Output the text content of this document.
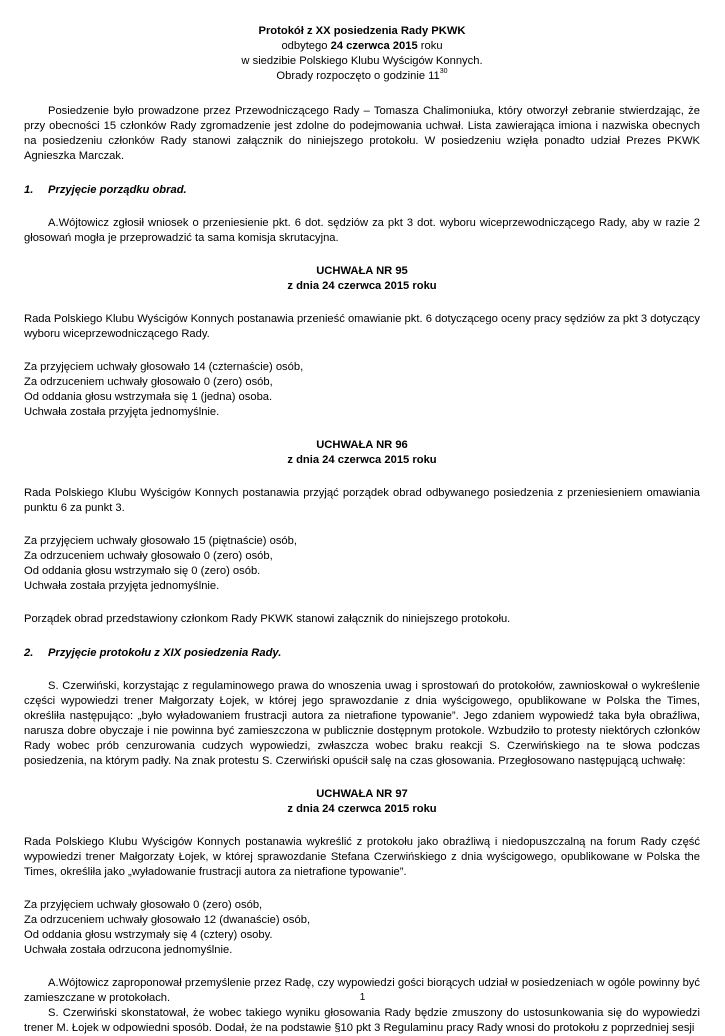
Protokół z XX posiedzenia Rady PKWK

odbytego 24 czerwca 2015 roku

w siedzibie Polskiego Klubu Wyścigów Konnych.

Obrady rozpoczęto o godzinie $11^{30}$

Posiedzenie było prowadzone przez Przewodniczącego Rady – Tomasza Chalimoniuka, który otworzył zebranie stwierdzając, że przy obecności 15 członków Rady zgromadzenie jest zdolne do podejmowania uchwał. Lista zawierająca imiona i nazwiska obecnych na posiedzeniu członków Rady stanowi załącznik do niniejszego protokołu. W posiedzeniu wzięła ponadto udział Prezes PKWK Agnieszka Marczak.

1.	Przyjęcie porządku obrad.

A.Wójtowicz zgłosił wniosek o przeniesienie pkt. 6 dot. sędziów za pkt 3 dot. wyboru wiceprzewodniczącego Rady, aby w razie 2 głosowań mogła je przeprowadzić ta sama komisja skrutacyjna.

UCHWAŁA NR 95

z dnia 24 czerwca 2015 roku

Rada Polskiego Klubu Wyścigów Konnych postanawia przenieść omawianie pkt. 6 dotyczącego oceny pracy sędziów za pkt 3 dotyczący wyboru wiceprzewodniczącego Rady.

Za przyjęciem uchwały głosowało 14 (czternaście) osób,

Za odrzuceniem uchwały głosowało 0 (zero) osób,

Od oddania głosu wstrzymała się 1 (jedna) osoba.

Uchwała została przyjęta jednomyślnie.

UCHWAŁA NR 96

z dnia 24 czerwca 2015 roku

Rada Polskiego Klubu Wyścigów Konnych postanawia przyjąć porządek obrad odbywanego posiedzenia z przeniesieniem omawiania punktu 6 za punkt 3.

Za przyjęciem uchwały głosowało 15 (piętnaście) osób,

Za odrzuceniem uchwały głosowało 0 (zero) osób,

Od oddania głosu wstrzymało się 0 (zero) osób.

Uchwała została przyjęta jednomyślnie.

Porządek obrad przedstawiony członkom Rady PKWK stanowi załącznik do niniejszego protokołu.

2.	Przyjęcie protokołu z XIX posiedzenia Rady.

S. Czerwiński, korzystając z regulaminowego prawa do wnoszenia uwag i sprostowań do protokołów, zawnioskował o wykreślenie części wypowiedzi trener Małgorzaty Łojek, w której jego sprawozdanie z dnia wyścigowego, opublikowane w Polska the Times, określiła następująco: „było wyładowaniem frustracji autora za nietrafione typowanie”. Jego zdaniem wypowiedź taka była obraźliwa, narusza dobre obyczaje i nie powinna być zamieszczona w publicznie dostępnym protokole. Wzbudziło to protesty niektórych członków Rady wobec prób cenzurowania cudzych wypowiedzi, zwłaszcza wobec braku reakcji S. Czerwińskiego na te słowa podczas posiedzenia, na którym padły. Na znak protestu S. Czerwiński opuścił salę na czas głosowania. Przegłosowano następującą uchwałę:

UCHWAŁA NR 97

z dnia 24 czerwca 2015 roku

Rada Polskiego Klubu Wyścigów Konnych postanawia wykreślić z protokołu jako obraźliwą i niedopuszczalną na forum Rady część wypowiedzi trener Małgorzaty Łojek, w której sprawozdanie Stefana Czerwińskiego z dnia wyścigowego, opublikowane w Polska the Times, określiła jako „wyładowanie frustracji autora za nietrafione typowanie”.

Za przyjęciem uchwały głosowało 0 (zero) osób,

Za odrzuceniem uchwały głosowało 12 (dwanaście) osób,

Od oddania głosu wstrzymały się 4 (cztery) osoby.

Uchwała została odrzucona jednomyślnie.

A.Wójtowicz zaproponował przemyślenie przez Radę, czy wypowiedzi gości biorących udział w posiedzeniach w ogóle powinny być zamieszczane w protokołach.

S. Czerwiński skonstatował, że wobec takiego wyniku głosowania Rady będzie zmuszony do ustosunkowania się do wypowiedzi trener M. Łojek w odpowiedni sposób. Dodał, że na podstawie §10 pkt 3 Regulaminu pracy Rady wnosi do protokołu z poprzedniej sesji

1
